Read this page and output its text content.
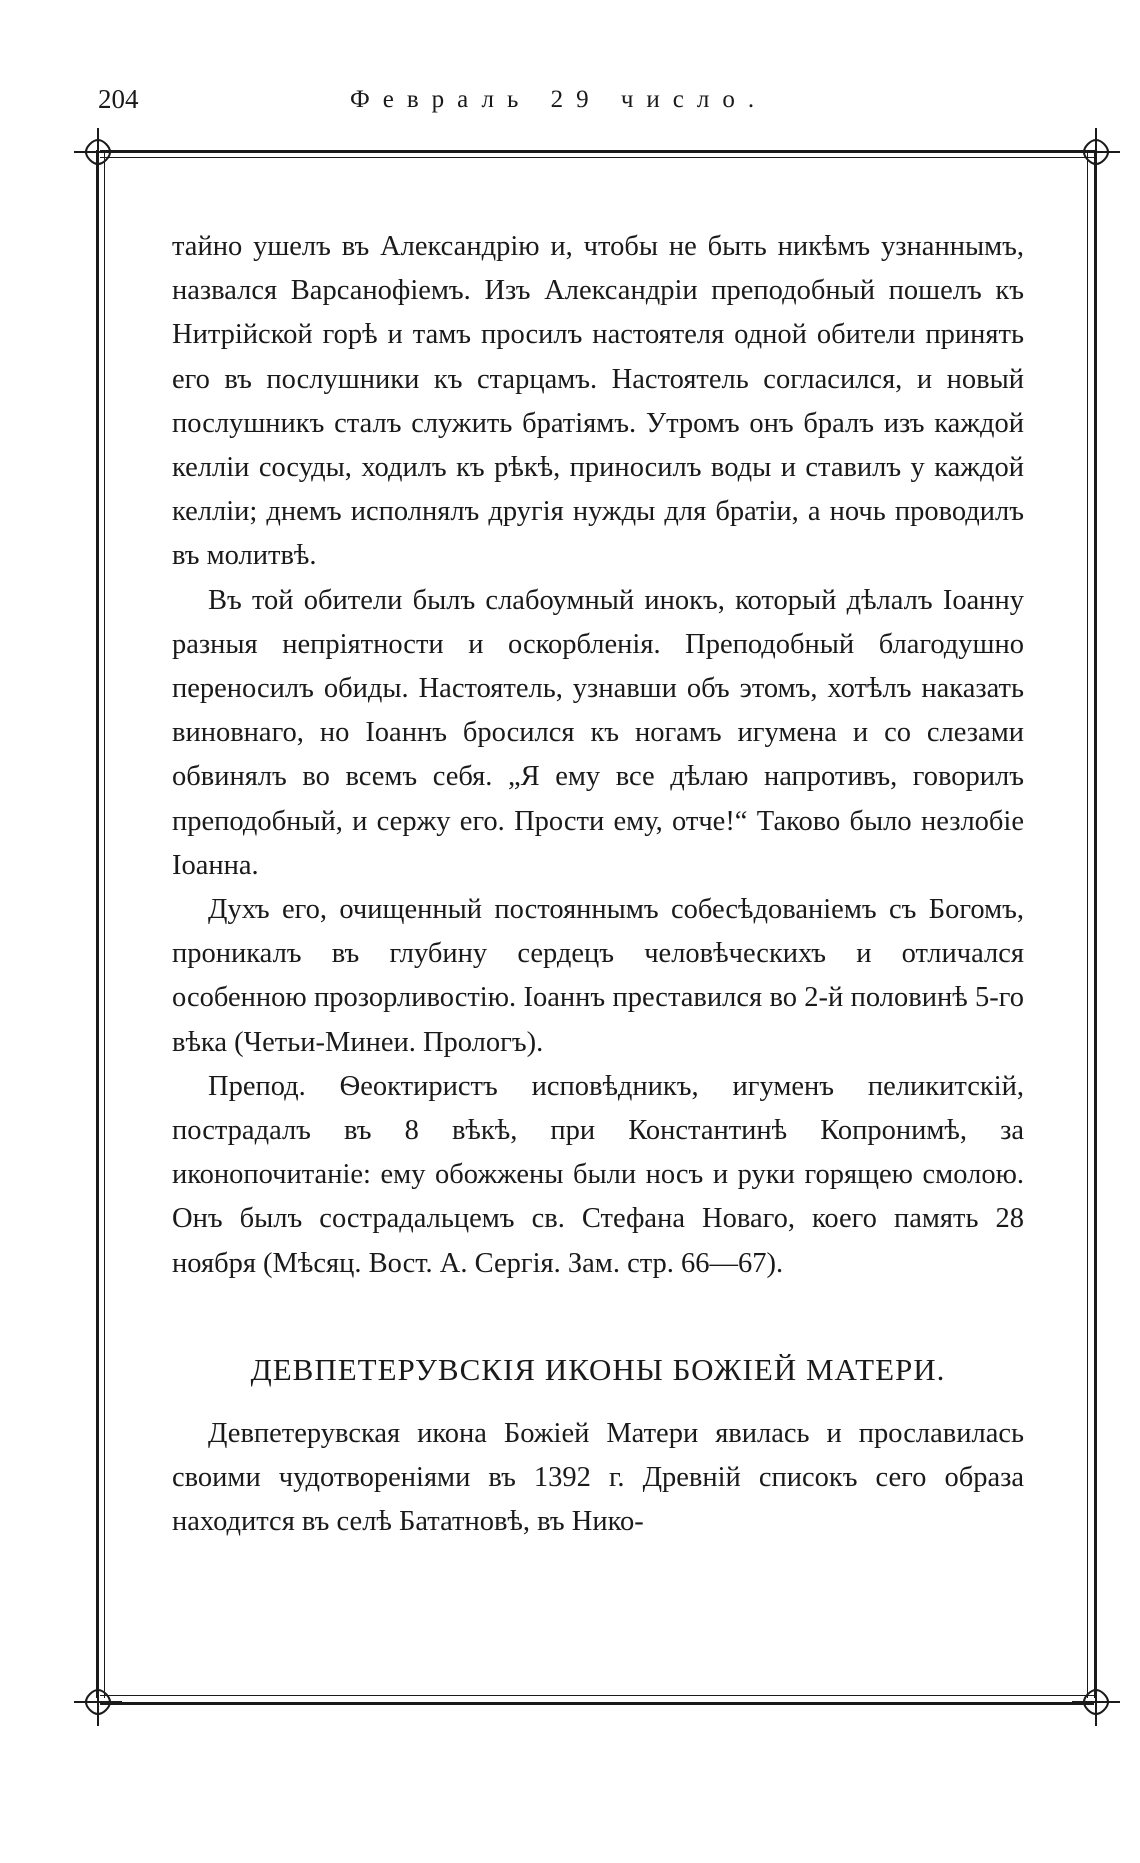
204	Февраль 29 число.

тайно ушелъ въ Александрію и, чтобы не быть никѣмъ узнаннымъ, назвался Варсанофіемъ. Изъ Александріи преподобный пошелъ къ Нитрійской горѣ и тамъ просилъ настоятеля одной обители принять его въ послушники къ старцамъ. Настоятель согласился, и новый послушникъ сталъ служить братіямъ. Утромъ онъ бралъ изъ каждой келліи сосуды, ходилъ къ рѣкѣ, приносилъ воды и ставилъ у каждой келліи; днемъ исполнялъ другія нужды для братіи, а ночь проводилъ въ молитвѣ.

Въ той обители былъ слабоумный инокъ, который дѣлалъ Іоанну разныя непріятности и оскорбленія. Преподобный благодушно переносилъ обиды. Настоятель, узнавши объ этомъ, хотѣлъ наказать виновнаго, но Іоаннъ бросился къ ногамъ игумена и со слезами обвинялъ во всемъ себя. „Я ему все дѣлаю напротивъ, говорилъ преподобный, и сержу его. Прости ему, отче!“ Таково было незлобіе Іоанна.

Духъ его, очищенный постояннымъ собесѣдованіемъ съ Богомъ, проникалъ въ глубину сердецъ человѣческихъ и отличался особенною прозорливостію. Іоаннъ преставился во 2-й половинѣ 5-го вѣка (Четьи-Минеи. Прологъ).

Препод. Ѳеоктиристъ исповѣдникъ, игуменъ пеликитскій, пострадалъ въ 8 вѣкѣ, при Константинѣ Копронимѣ, за иконопочитаніе: ему обожжены были носъ и руки горящею смолою. Онъ былъ сострадальцемъ св. Стефана Новаго, коего память 28 ноября (Мѣсяц. Вост. А. Сергія. Зам. стр. 66—67).

ДЕВПЕТЕРУВСКІЯ ИКОНЫ БОЖІЕЙ МАТЕРИ.

Девпетерувская икона Божіей Матери явилась и прославилась своими чудотвореніями въ 1392 г. Древній списокъ сего образа находится въ селѣ Бататновѣ, въ Нико-
